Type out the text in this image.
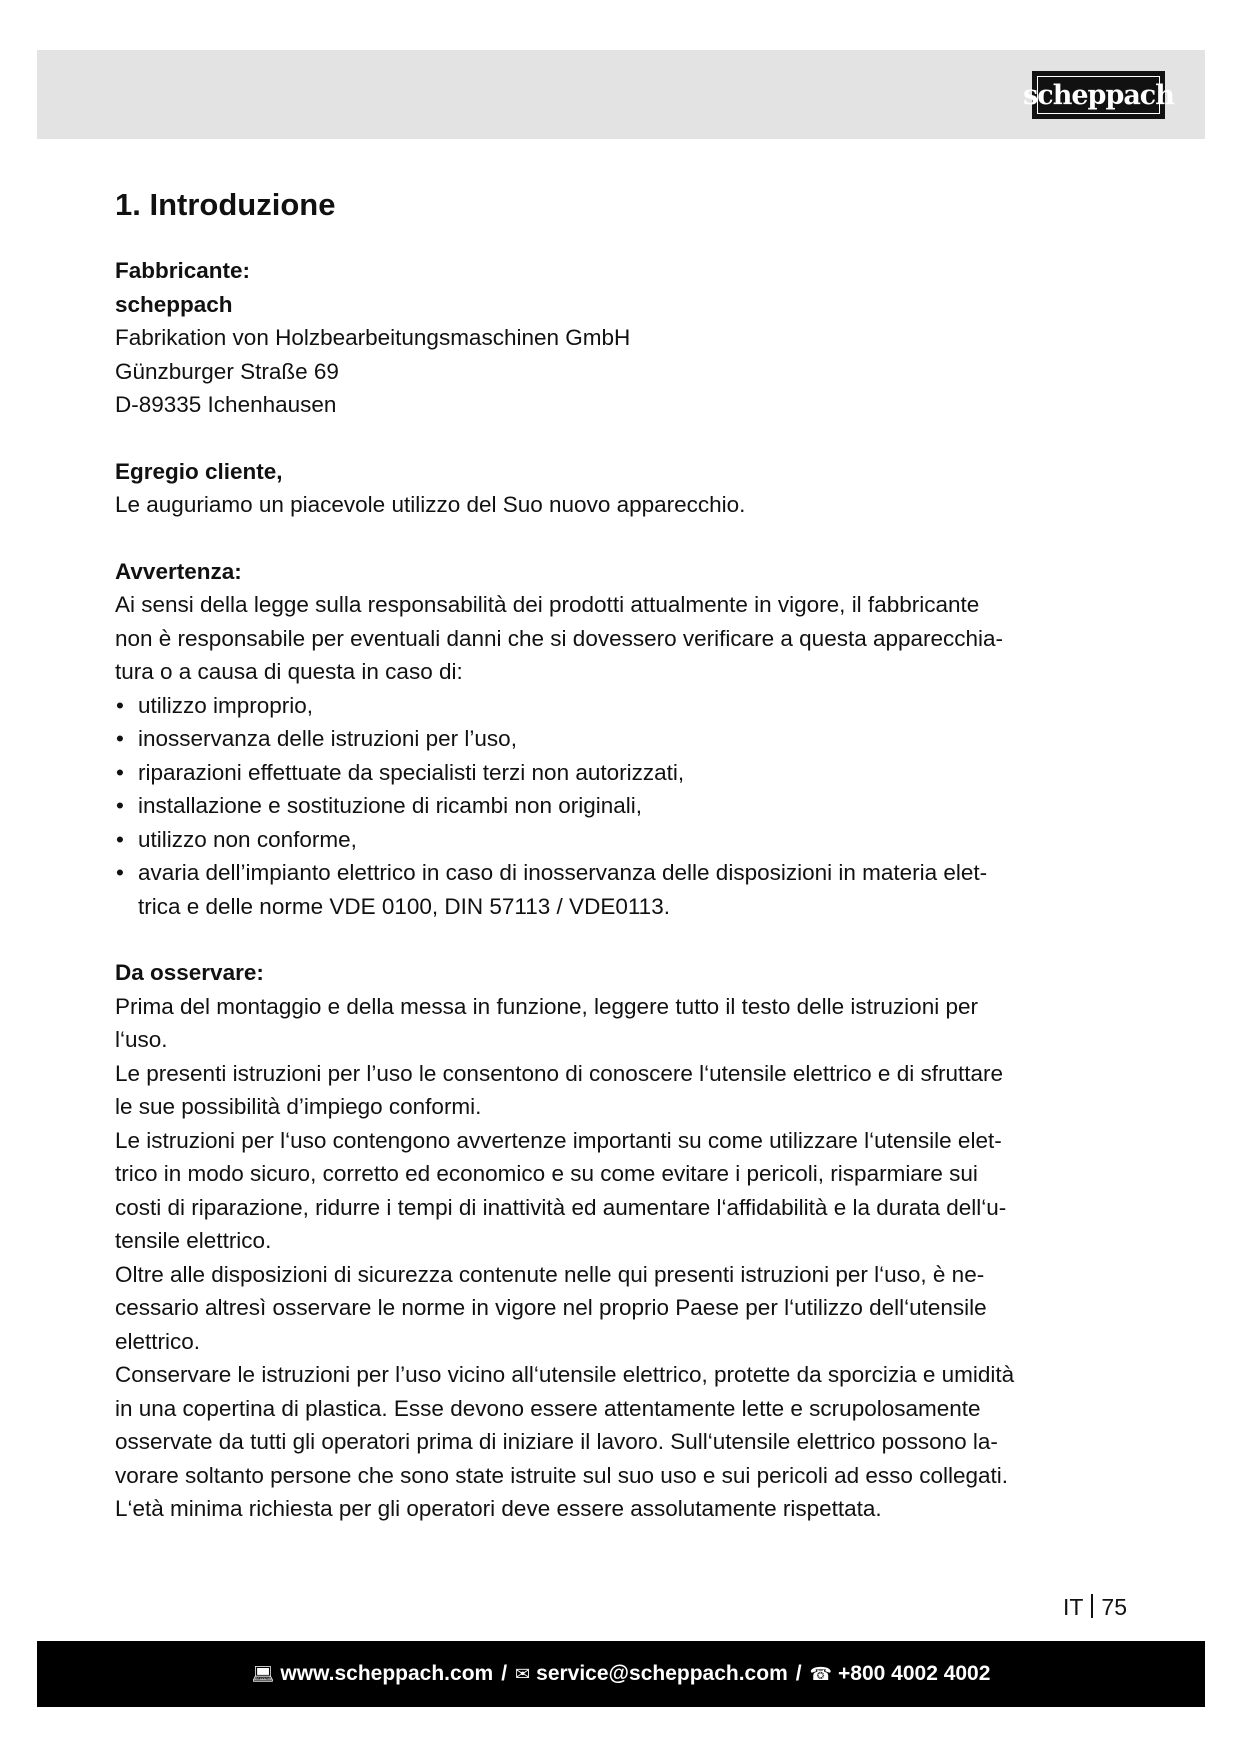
scheppach
1. Introduzione

Fabbricante:

scheppach

Fabrikation von Holzbearbeitungsmaschinen GmbH

Günzburger Straße 69

D-89335 Ichenhausen

Egregio cliente,

Le auguriamo un piacevole utilizzo del Suo nuovo apparecchio.

Avvertenza:

Ai sensi della legge sulla responsabilità dei prodotti attualmente in vigore, il fabbricante

non è responsabile per eventuali danni che si dovessero verificare a questa apparecchia-

tura o a causa di questa in caso di:

• utilizzo improprio,
• inosservanza delle istruzioni per l’uso,
• riparazioni effettuate da specialisti terzi non autorizzati,
• installazione e sostituzione di ricambi non originali,
• utilizzo non conforme,
• avaria dell’impianto elettrico in caso di inosservanza delle disposizioni in materia elet-
trica e delle norme VDE 0100, DIN 57113 / VDE0113.

Da osservare:

Prima del montaggio e della messa in funzione, leggere tutto il testo delle istruzioni per

l‘uso.

Le presenti istruzioni per l’uso le consentono di conoscere l‘utensile elettrico e di sfruttare

le sue possibilità d’impiego conformi.

Le istruzioni per l‘uso contengono avvertenze importanti su come utilizzare l‘utensile elet-

trico in modo sicuro, corretto ed economico e su come evitare i pericoli, risparmiare sui

costi di riparazione, ridurre i tempi di inattività ed aumentare l‘affidabilità e la durata dell‘u-

tensile elettrico.

Oltre alle disposizioni di sicurezza contenute nelle qui presenti istruzioni per l‘uso, è ne-

cessario altresì osservare le norme in vigore nel proprio Paese per l‘utilizzo dell‘utensile

elettrico.

Conservare le istruzioni per l’uso vicino all‘utensile elettrico, protette da sporcizia e umidità

in una copertina di plastica. Esse devono essere attentamente lette e scrupolosamente

osservate da tutti gli operatori prima di iniziare il lavoro. Sull‘utensile elettrico possono la-

vorare soltanto persone che sono state istruite sul suo uso e sui pericoli ad esso collegati.

L‘età minima richiesta per gli operatori deve essere assolutamente rispettata.

IT 75
💻︎ www.scheppach.com / ✉︎ service@scheppach.com / ☎ +800 4002 4002
